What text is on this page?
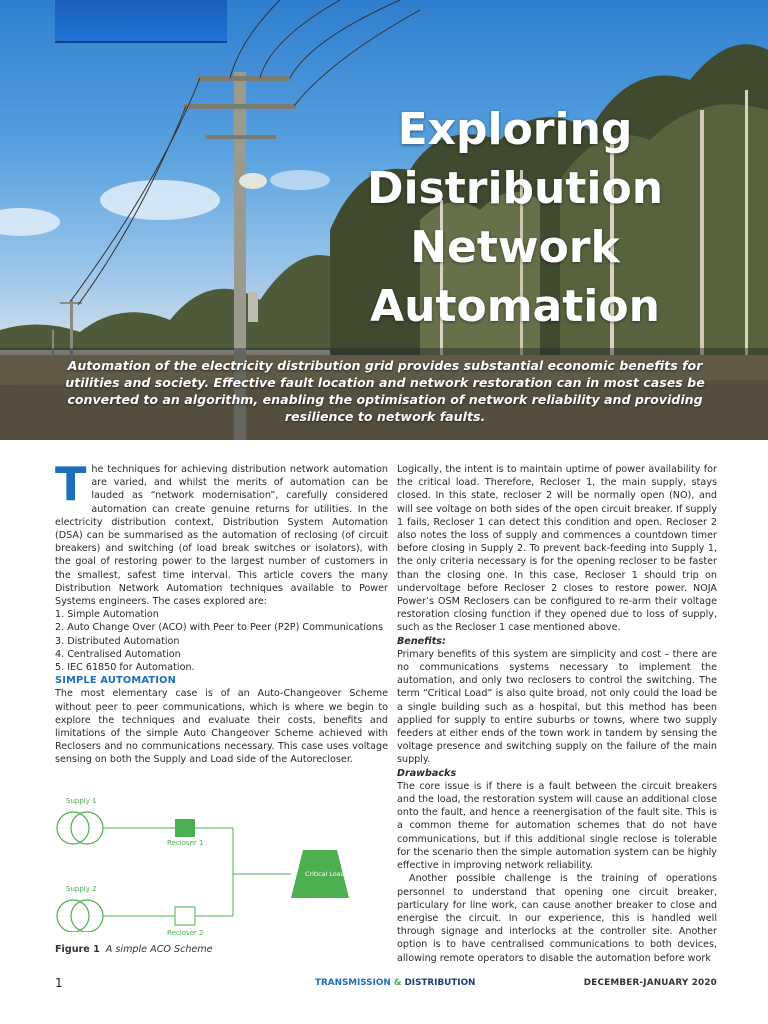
Exploring
Distribution
Network
Automation

Automation of the electricity distribution grid provides substantial economic benefits for utilities and society. Effective fault location and network restoration can in most cases be converted to an algorithm, enabling the optimisation of network reliability and providing resilience to network faults.

The techniques for achieving distribution network automation are varied, and whilst the merits of automation can be lauded as “network modernisation”, carefully considered automation can create genuine returns for utilities. In the electricity distribution context, Distribution System Automation (DSA) can be summarised as the automation of reclosing (of circuit breakers) and switching (of load break switches or isolators), with the goal of restoring power to the largest number of customers in the smallest, safest time interval. This article covers the many Distribution Network Automation techniques available to Power Systems engineers. The cases explored are:

1. Simple Automation
2. Auto Change Over (ACO) with Peer to Peer (P2P) Communications
3. Distributed Automation
4. Centralised Automation
5. IEC 61850 for Automation.

SIMPLE AUTOMATION

The most elementary case is of an Auto-Changeover Scheme without peer to peer communications, which is where we begin to explore the techniques and evaluate their costs, benefits and limitations of the simple Auto Changeover Scheme achieved with Reclosers and no communications necessary. This case uses voltage sensing on both the Supply and Load side of the Autorecloser.

Supply 1
Recloser 1
Supply 2
Recloser 2
Critical Load
Figure 1 A simple ACO Scheme

Logically, the intent is to maintain uptime of power availability for the critical load. Therefore, Recloser 1, the main supply, stays closed. In this state, recloser 2 will be normally open (NO), and will see voltage on both sides of the open circuit breaker. If supply 1 fails, Recloser 1 can detect this condition and open. Recloser 2 also notes the loss of supply and commences a countdown timer before closing in Supply 2. To prevent back-feeding into Supply 1, the only criteria necessary is for the opening recloser to be faster than the closing one. In this case, Recloser 1 should trip on undervoltage before Recloser 2 closes to restore power. NOJA Power’s OSM Reclosers can be configured to re-arm their voltage restoration closing function if they opened due to loss of supply, such as the Recloser 1 case mentioned above.

Benefits:

Primary benefits of this system are simplicity and cost – there are no communications systems necessary to implement the automation, and only two reclosers to control the switching. The term “Critical Load” is also quite broad, not only could the load be a single building such as a hospital, but this method has been applied for supply to entire suburbs or towns, where two supply feeders at either ends of the town work in tandem by sensing the voltage presence and switching supply on the failure of the main supply.

Drawbacks

The core issue is if there is a fault between the circuit breakers and the load, the restoration system will cause an additional close onto the fault, and hence a reenergisation of the fault site. This is a common theme for automation schemes that do not have communications, but if this additional single reclose is tolerable for the scenario then the simple automation system can be highly effective in improving network reliability.

Another possible challenge is the training of operations personnel to understand that opening one circuit breaker, particulary for line work, can cause another breaker to close and energise the circuit. In our experience, this is handled well through signage and interlocks at the controller site. Another option is to have centralised communications to both devices, allowing remote operators to disable the automation before work

1	TRANSMISSION & DISTRIBUTION	DECEMBER-JANUARY 2020
